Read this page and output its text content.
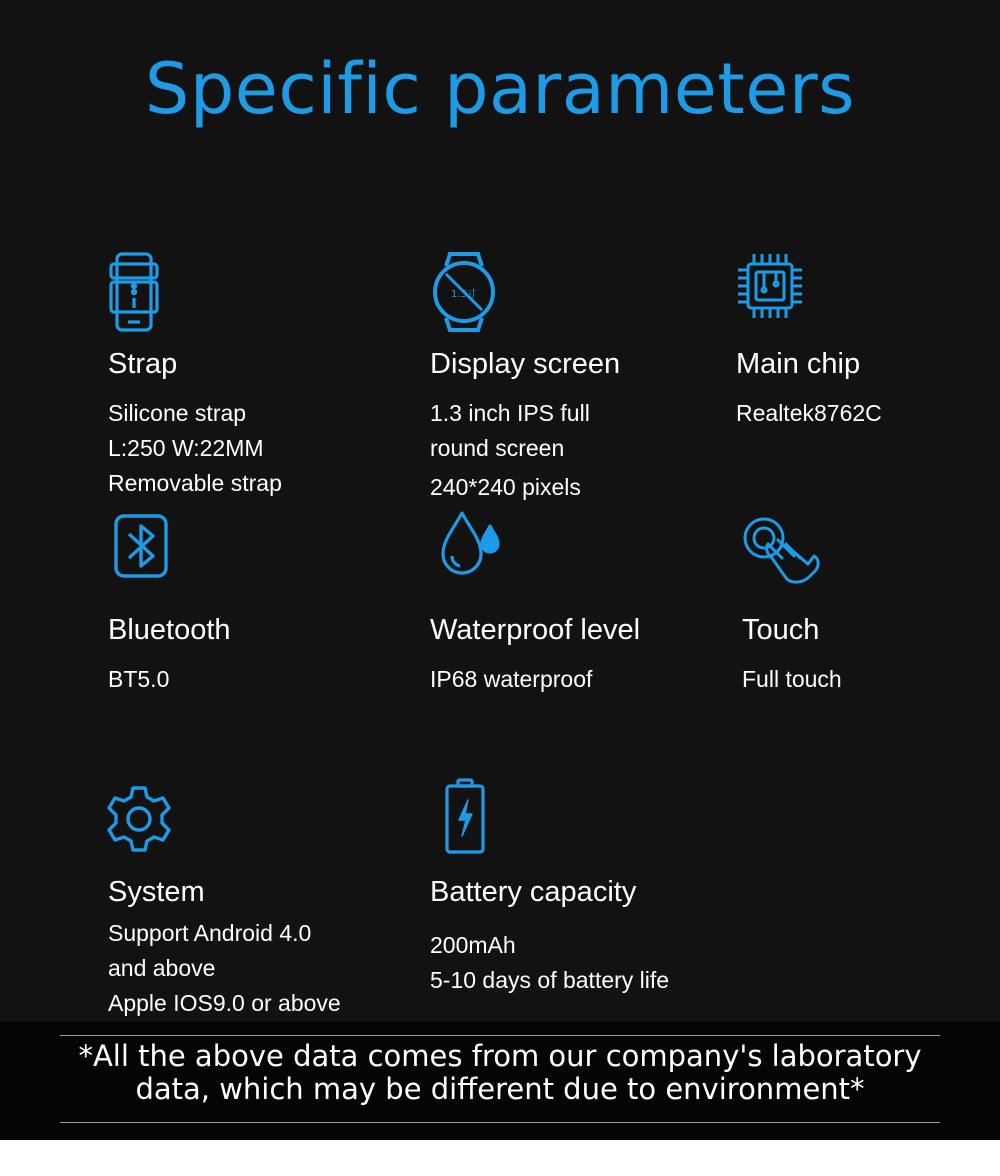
Specific parameters
Strap
Silicone strap
L:250 W:22MM
Removable strap
1.3寸
Display screen
1.3 inch IPS full
round screen
240*240 pixels
Main chip
Realtek8762C
Bluetooth
BT5.0
Waterproof level
IP68 waterproof
Touch
Full touch
System
Support Android 4.0
and above
Apple IOS9.0 or above
Battery capacity
200mAh
5-10 days of battery life
*All the above data comes from our company's laboratory
data, which may be different due to environment*
